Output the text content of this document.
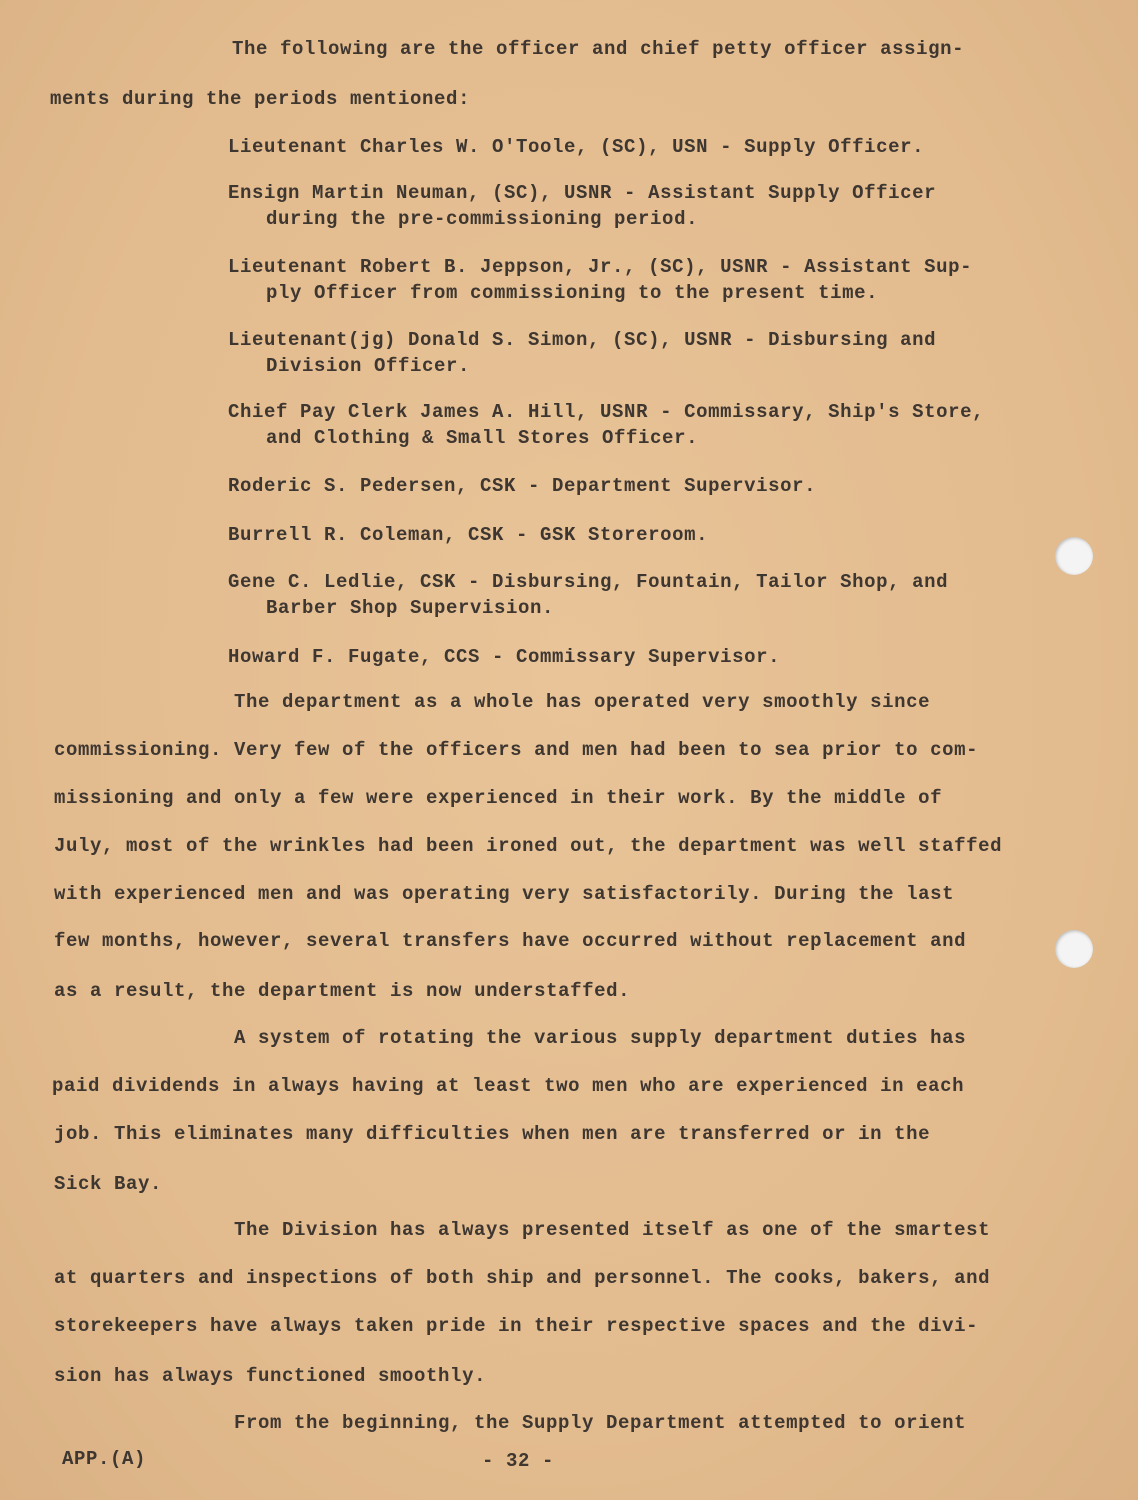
The following are the officer and chief petty officer assign-
ments during the periods mentioned:
Lieutenant Charles W. O'Toole, (SC), USN - Supply Officer.
Ensign Martin Neuman, (SC), USNR - Assistant Supply Officer
during the pre-commissioning period.
Lieutenant Robert B. Jeppson, Jr., (SC), USNR - Assistant Sup-
ply Officer from commissioning to the present time.
Lieutenant(jg) Donald S. Simon, (SC), USNR - Disbursing and
Division Officer.
Chief Pay Clerk James A. Hill, USNR - Commissary, Ship's Store,
and Clothing & Small Stores Officer.
Roderic S. Pedersen, CSK - Department Supervisor.
Burrell R. Coleman, CSK - GSK Storeroom.
Gene C. Ledlie, CSK - Disbursing, Fountain, Tailor Shop, and
Barber Shop Supervision.
Howard F. Fugate, CCS - Commissary Supervisor.
The department as a whole has operated very smoothly since
commissioning. Very few of the officers and men had been to sea prior to com-
missioning and only a few were experienced in their work. By the middle of
July, most of the wrinkles had been ironed out, the department was well staffed
with experienced men and was operating very satisfactorily. During the last
few months, however, several transfers have occurred without replacement and
as a result, the department is now understaffed.
A system of rotating the various supply department duties has
paid dividends in always having at least two men who are experienced in each
job. This eliminates many difficulties when men are transferred or in the
Sick Bay.
The Division has always presented itself as one of the smartest
at quarters and inspections of both ship and personnel. The cooks, bakers, and
storekeepers have always taken pride in their respective spaces and the divi-
sion has always functioned smoothly.
From the beginning, the Supply Department attempted to orient
APP.(A)	- 32 -
